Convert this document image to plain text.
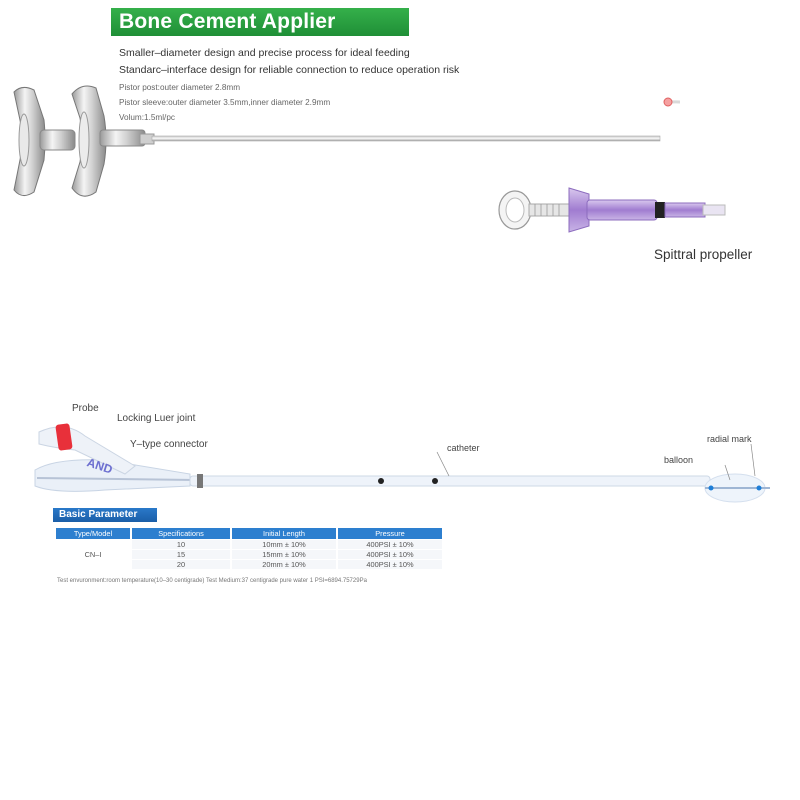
Bone Cement Applier
Smaller–diameter design and precise process for ideal feeding
Standarc–interface design for reliable connection to reduce operation risk
Pistor post:outer diameter 2.8mm
Pistor sleeve:outer diameter 3.5mm,inner diameter 2.9mm
Volum:1.5ml/pc
Spittral propeller
Probe
Locking Luer joint
Y–type connector	catheter
radial mark
balloon
AND
Basic Parameter
Type/Model	Specifications	Initial Length	Pressure
CN–I	10	10mm ± 10%	400PSI ± 10%
	15	15mm ± 10%	400PSI ± 10%
	20	20mm ± 10%	400PSI ± 10%
Test envuronment:room temperature(10–30 centigrade) Test Medium:37 centigrade pure water 1 PSI=6894.75729Pa
